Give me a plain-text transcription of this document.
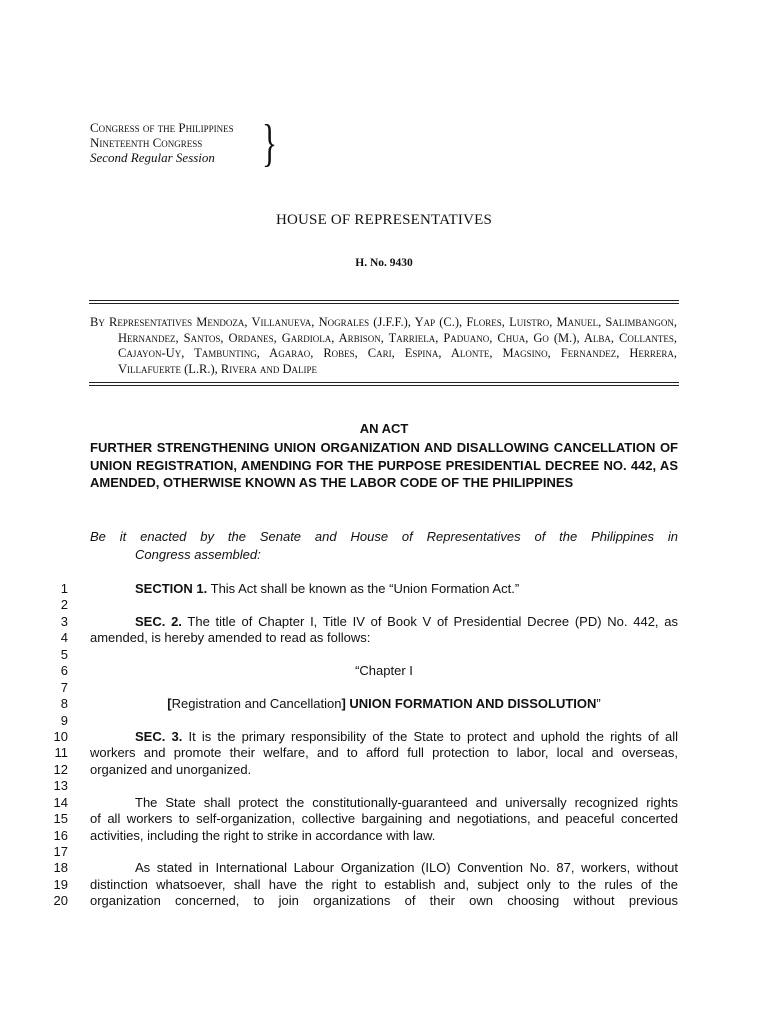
Congress of the Philippines
Nineteenth Congress
Second Regular Session }
HOUSE OF REPRESENTATIVES
H. No. 9430
By Representatives Mendoza, Villanueva, Nograles (J.F.F.), Yap (C.), Flores, Luistro, Manuel, Salimbangon, Hernandez, Santos, Ordanes, Gardiola, Arbison, Tarriela, Paduano, Chua, Go (M.), Alba, Collantes, Cajayon-Uy, Tambunting, Agarao, Robes, Cari, Espina, Alonte, Magsino, Fernandez, Herrera, Villafuerte (L.R.), Rivera and Dalipe
AN ACT
FURTHER STRENGTHENING UNION ORGANIZATION AND DISALLOWING CANCELLATION OF UNION REGISTRATION, AMENDING FOR THE PURPOSE PRESIDENTIAL DECREE NO. 442, AS AMENDED, OTHERWISE KNOWN AS THE LABOR CODE OF THE PHILIPPINES
Be it enacted by the Senate and House of Representatives of the Philippines in
Congress assembled:
1
2
3
4
5
6
7
8
9
10
11
12
13
14
15
16
17
18
19
20
SECTION 1. This Act shall be known as the “Union Formation Act.”
SEC. 2. The title of Chapter I, Title IV of Book V of Presidential Decree (PD) No. 442, as
amended, is hereby amended to read as follows:
“Chapter I
[Registration and Cancellation] UNION FORMATION AND DISSOLUTION”
SEC. 3. It is the primary responsibility of the State to protect and uphold the rights of all
workers and promote their welfare, and to afford full protection to labor, local and overseas,
organized and unorganized.
The State shall protect the constitutionally-guaranteed and universally recognized rights
of all workers to self-organization, collective bargaining and negotiations, and peaceful concerted
activities, including the right to strike in accordance with law.
As stated in International Labour Organization (ILO) Convention No. 87, workers, without
distinction whatsoever, shall have the right to establish and, subject only to the rules of the
organization concerned, to join organizations of their own choosing without previous
